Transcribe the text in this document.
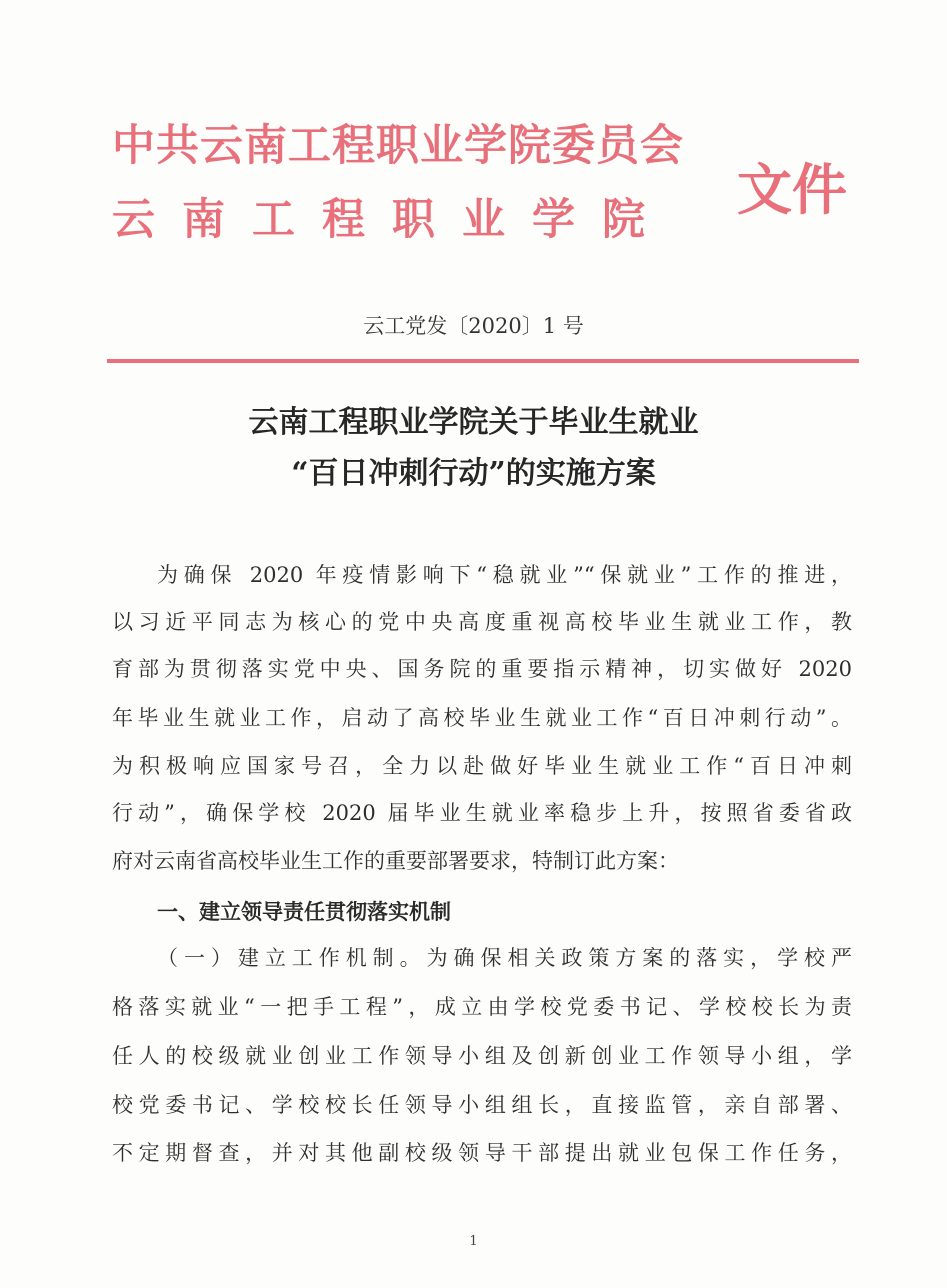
中共云南工程职业学院委员会
云南工程职业学院 文件
云工党发〔2020〕1 号
云南工程职业学院关于毕业生就业
“百日冲刺行动”的实施方案
为确保 2020 年疫情影响下“稳就业”“保就业”工作的推进，
以习近平同志为核心的党中央高度重视高校毕业生就业工作，教
育部为贯彻落实党中央、国务院的重要指示精神，切实做好 2020
年毕业生就业工作，启动了高校毕业生就业工作“百日冲刺行动”。
为积极响应国家号召，全力以赴做好毕业生就业工作“百日冲刺
行动”，确保学校 2020 届毕业生就业率稳步上升，按照省委省政
府对云南省高校毕业生工作的重要部署要求，特制订此方案：
一、建立领导责任贯彻落实机制
（一）建立工作机制。为确保相关政策方案的落实，学校严
格落实就业“一把手工程”，成立由学校党委书记、学校校长为责
任人的校级就业创业工作领导小组及创新创业工作领导小组，学
校党委书记、学校校长任领导小组组长，直接监管，亲自部署、
不定期督查，并对其他副校级领导干部提出就业包保工作任务，
1
